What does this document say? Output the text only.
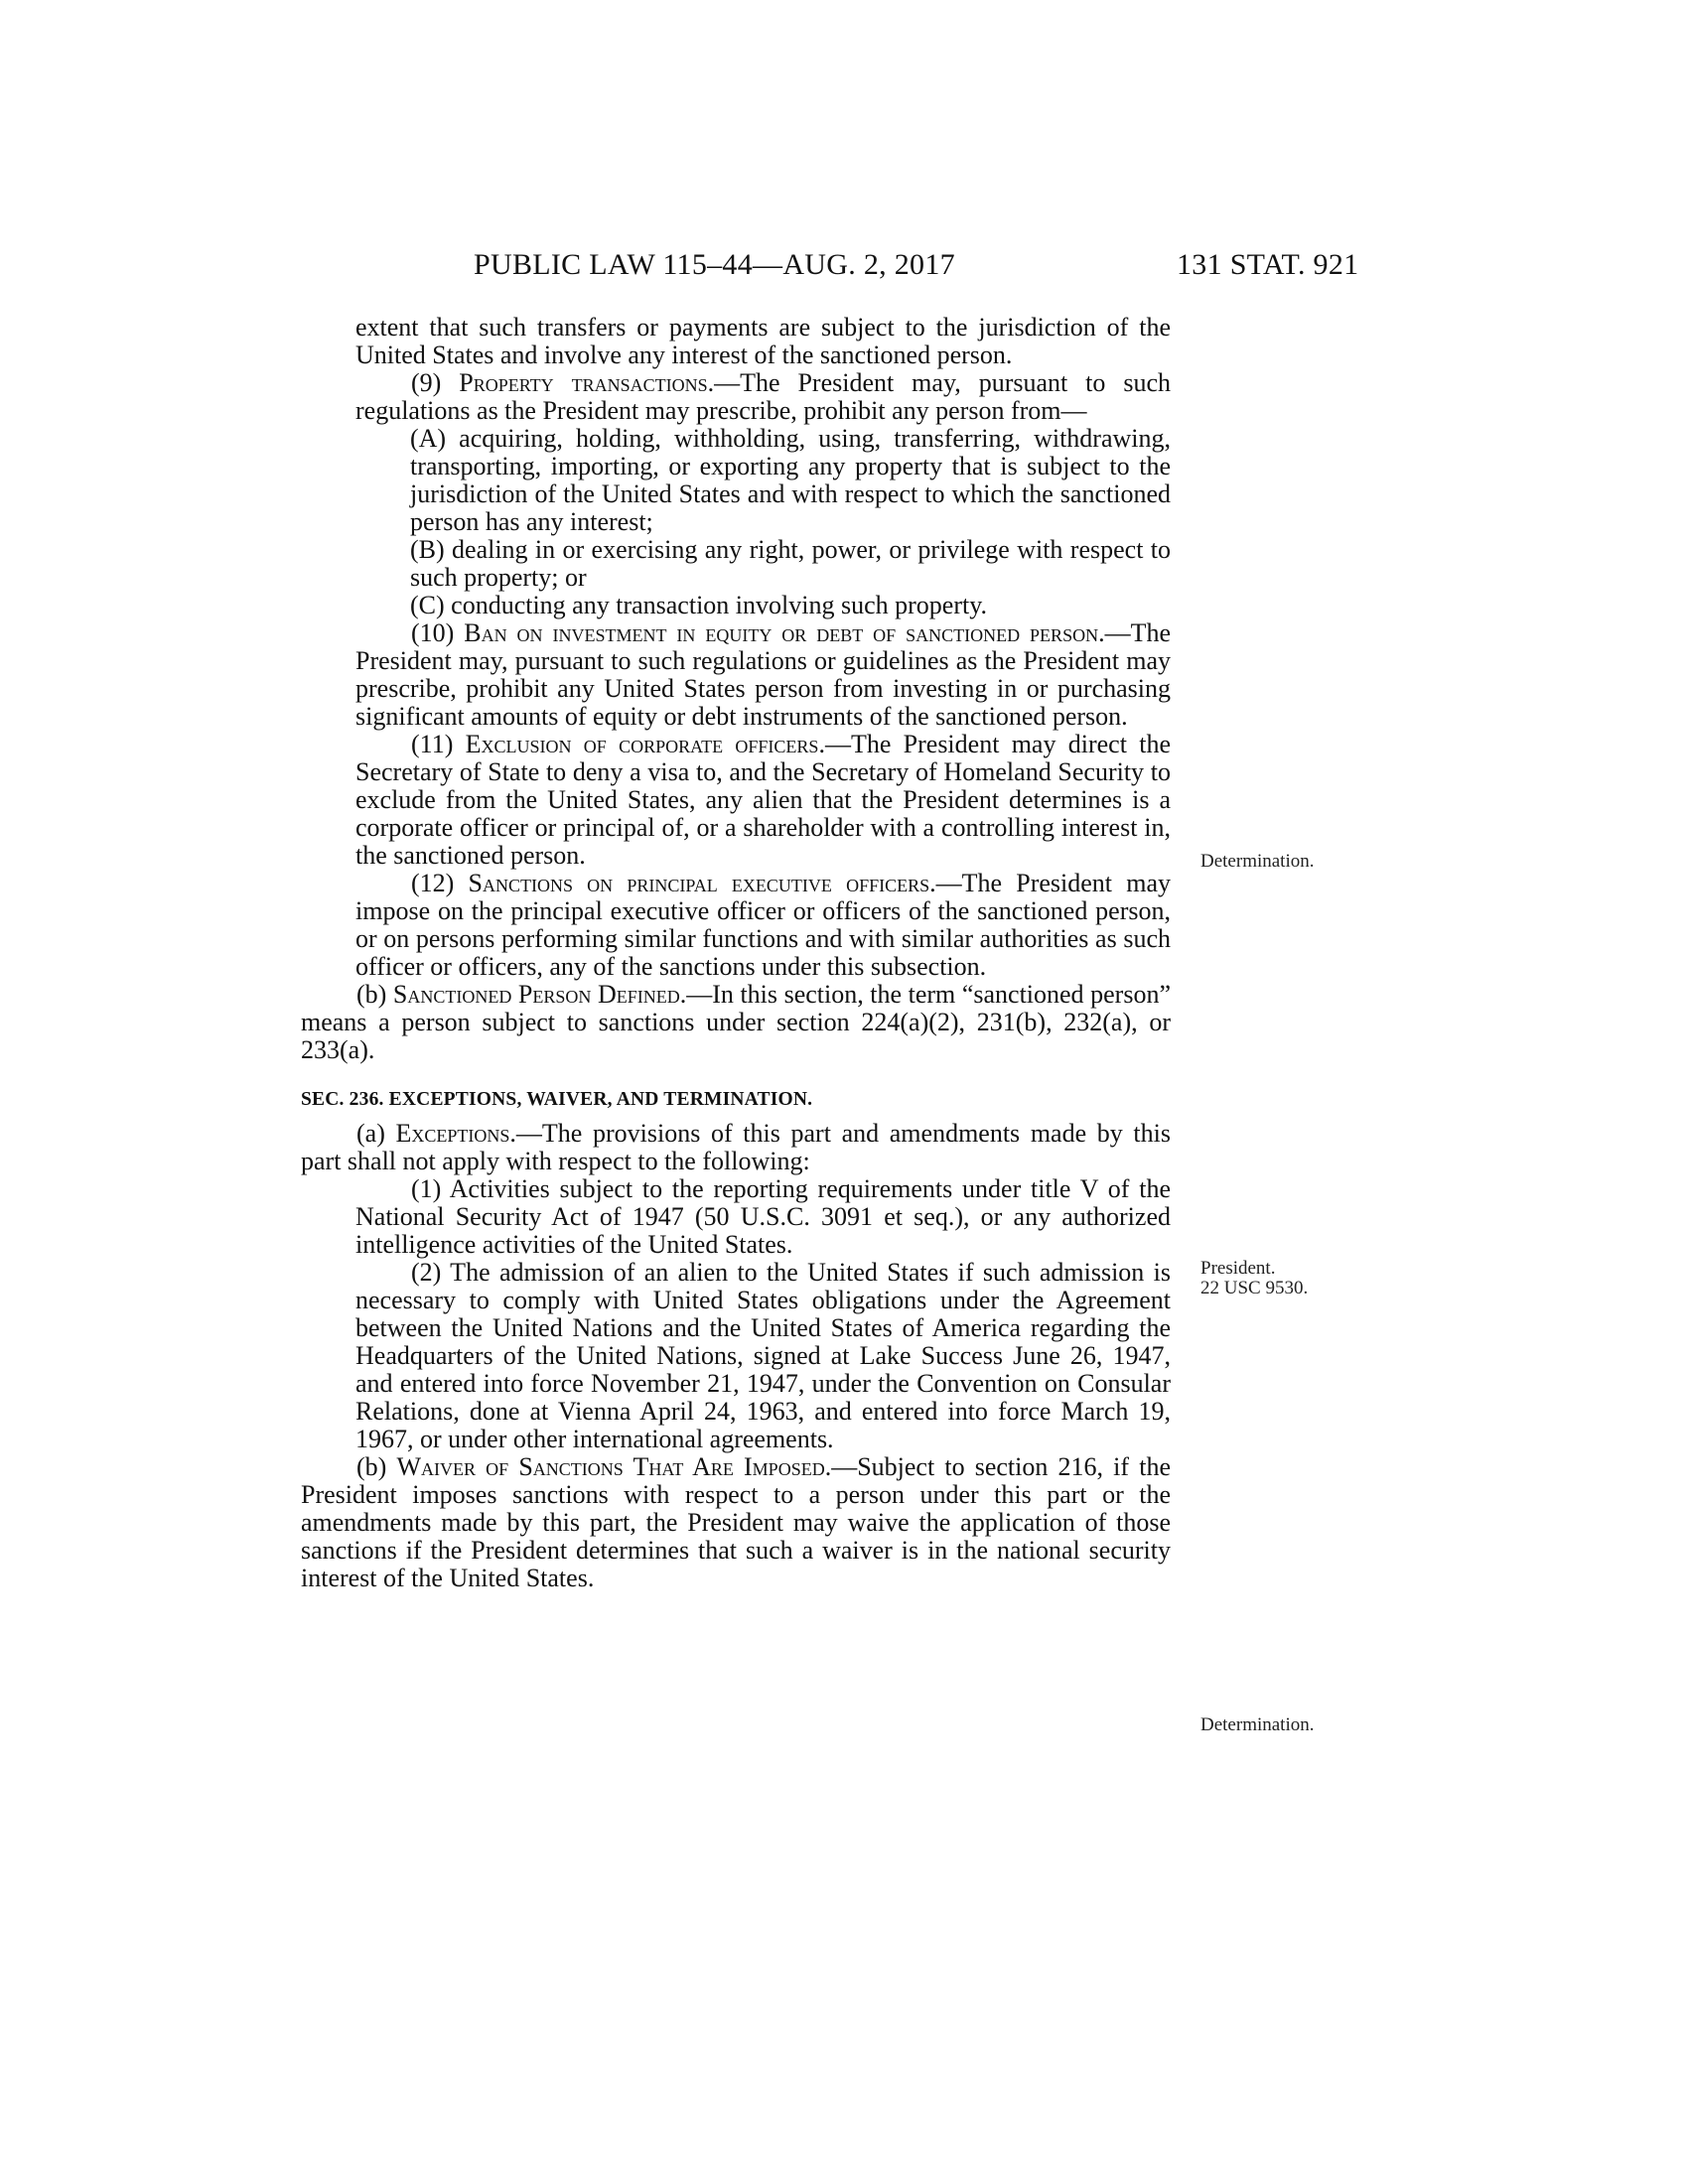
PUBLIC LAW 115–44—AUG. 2, 2017	131 STAT. 921

extent that such transfers or payments are subject to the jurisdiction of the United States and involve any interest of the sanctioned person.

(9) Property transactions.—The President may, pursuant to such regulations as the President may prescribe, prohibit any person from—

(A) acquiring, holding, withholding, using, transferring, withdrawing, transporting, importing, or exporting any property that is subject to the jurisdiction of the United States and with respect to which the sanctioned person has any interest;

(B) dealing in or exercising any right, power, or privilege with respect to such property; or

(C) conducting any transaction involving such property.

(10) Ban on investment in equity or debt of sanctioned person.—The President may, pursuant to such regulations or guidelines as the President may prescribe, prohibit any United States person from investing in or purchasing significant amounts of equity or debt instruments of the sanctioned person.

(11) Exclusion of corporate officers.—The President may direct the Secretary of State to deny a visa to, and the Secretary of Homeland Security to exclude from the United States, any alien that the President determines is a corporate officer or principal of, or a shareholder with a controlling interest in, the sanctioned person.

(12) Sanctions on principal executive officers.—The President may impose on the principal executive officer or officers of the sanctioned person, or on persons performing similar functions and with similar authorities as such officer or officers, any of the sanctions under this subsection.

(b) Sanctioned Person Defined.—In this section, the term “sanctioned person” means a person subject to sanctions under section 224(a)(2), 231(b), 232(a), or 233(a).

SEC. 236. EXCEPTIONS, WAIVER, AND TERMINATION.

(a) Exceptions.—The provisions of this part and amendments made by this part shall not apply with respect to the following:

(1) Activities subject to the reporting requirements under title V of the National Security Act of 1947 (50 U.S.C. 3091 et seq.), or any authorized intelligence activities of the United States.

(2) The admission of an alien to the United States if such admission is necessary to comply with United States obligations under the Agreement between the United Nations and the United States of America regarding the Headquarters of the United Nations, signed at Lake Success June 26, 1947, and entered into force November 21, 1947, under the Convention on Consular Relations, done at Vienna April 24, 1963, and entered into force March 19, 1967, or under other international agreements.

(b) Waiver of Sanctions That Are Imposed.—Subject to section 216, if the President imposes sanctions with respect to a person under this part or the amendments made by this part, the President may waive the application of those sanctions if the President determines that such a waiver is in the national security interest of the United States.

Determination.
President.
22 USC 9530.
Determination.
